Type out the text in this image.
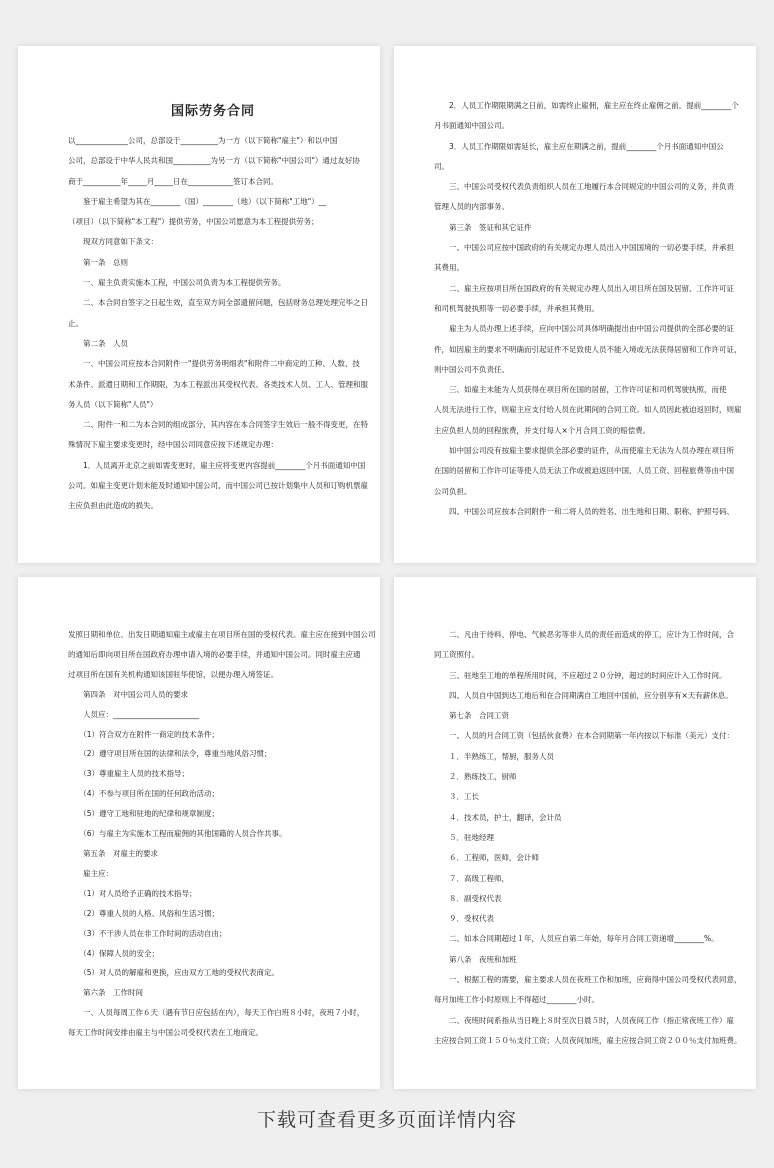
国际劳务合同

以______________公司，总部设于__________为一方（以下简称"雇主"）和以中国

公司，总部设于中华人民共和国__________为另一方（以下简称"中国公司"）通过友好协

商于__________年_____月_____日在____________签订本合同。

　　鉴于雇主希望为其在________（国）________（地）（以下简称"工地"）__

（项目）（以下简称"本工程"）提供劳务，中国公司愿意为本工程提供劳务；

　　现双方同意如下条文：

　　第一条　总则

　　一、雇主负责实施本工程，中国公司负责为本工程提供劳务。

　　二、本合同自签字之日起生效，直至双方间全部遗留问题，包括财务总理处理完毕之日

止。

　　第二条　人员

　　一、中国公司应按本合同附件一"提供劳务明细表"和附件二中商定的工种、人数、技

术条件、派遣日期和工作期限，为本工程派出其受权代表、各类技术人员、工人、管理和服

务人员（以下简称"人员"）

　　二、附件一和二为本合同的组成部分，其内容在本合同签字生效后一般不得变更，在特

殊情况下雇主要求变更时，经中国公司同意应按下述规定办理：

　　1．人员离开北京之前如需变更时，雇主应将变更内容提前________个月书面通知中国

公司。如雇主变更计划未能及时通知中国公司，而中国公司已按计划集中人员和订购机票雇

主应负担由此造成的损失。

　　2．人员工作期限期满之日前，如需终止雇佣，雇主应在终止雇佣之前，提前________个

月书面通知中国公司。

　　3．人员工作期限如需延长，雇主应在期满之前，提前________个月书面通知中国公

司。

　　三、中国公司受权代表负责组织人员在工地履行本合同规定的中国公司的义务，并负责

管理人员的内部事务。

　　第三条　签证和其它证件

　　一、中国公司应按中国政府的有关规定办理人员出入中国国境的一切必要手续，并承担

其费用。

　　二、雇主应按项目所在国政府的有关规定办理人员出入项目所在国及居留、工作许可证

和司机驾驶执照等一切必要手续，并承担其费用。

　　雇主为人员办理上述手续，应向中国公司具体明确提出由中国公司提供的全部必要的证

件，如因雇主的要求不明确而引起证件不足致使人员不能入境或无法获得居留和工作许可证，

则中国公司不负责任。

　　三、如雇主未能为人员获得在项目所在国的居留，工作许可证和司机驾驶执照，而使

人员无法进行工作，则雇主应支付给人员在此期间的合同工资。如人员因此被迫返回时，则雇

主应负担人员的回程旅费，并支付每人×个月合同工资的赔偿费。

　　如中国公司没有按雇主要求提供全部必要的证件，从而使雇主无法为人员办理在项目所

在国的居留和工作许可证等使人员无法工作或被迫返回中国，人员工资、回程旅费等由中国

公司负担。

　　四、中国公司应按本合同附件一和二将人员的姓名、出生地和日期、职称、护照号码、

发照日期和单位、出发日期通知雇主或雇主在项目所在国的受权代表。雇主应在接到中国公司

的通知后即向项目所在国政府办理申请入境的必要手续，并通知中国公司。同时雇主应通

过项目所在国有关机构通知该国驻华使馆，以便办理入境签证。

　　第四条　对中国公司人员的要求

　　人员应：_______________________

　　（1）符合双方在附件一商定的技术条件；

　　（2）遵守项目所在国的法律和法令，尊重当地风俗习惯；

　　（3）尊重雇主人员的技术指导；

　　（4）不参与项目所在国的任何政治活动；

　　（5）遵守工地和驻地的纪律和规章制度；

　　（6）与雇主为实施本工程而雇佣的其他国籍的人员合作共事。

　　第五条　对雇主的要求

　　雇主应：

　　（1）对人员给予正确的技术指导；

　　（2）尊重人员的人格、风俗和生活习惯；

　　（3）不干涉人员在非工作时间的活动自由；

　　（4）保障人员的安全；

　　（5）对人员的解雇和更换，应由双方工地的受权代表商定。

　　第六条　工作时间

　　一、人员每周工作６天（遇有节日应包括在内），每天工作白班８小时，夜班７小时，

每天工作时间安排由雇主与中国公司受权代表在工地商定。

　　二、凡由于待料、停电、气候恶劣等非人员的责任而造成的停工，应计为工作时间，合

同工资照付。

　　三、驻地至工地的单程所用时间，不应超过２０分钟，超过的时间应计入工作时间。

　　四、人员自中国到达工地后和在合同期满自工地回中国前，应分别享有×天有薪休息。

　　第七条　合同工资

　　一、人员的月合同工资（包括伙食费）在本合同期第一年内按以下标准（美元）支付：

　　１．半熟练工，帮厨，服务人员

　　２．熟练技工，厨师

　　３．工长

　　４．技术员，护士，翻译，会计员

　　５．驻地经理

　　６．工程师，医师，会计师

　　７．高级工程师，

　　８．副受权代表

　　９．受权代表

　　二、如本合同期超过１年，人员应自第二年始，每年月合同工资递增________%。

　　第八条　夜班和加班

　　一、根据工程的需要，雇主要求人员在夜班工作和加班，应商得中国公司受权代表同意，

每月加班工作小时原则上不得超过________小时。

　　二、夜班时间系指从当日晚上８时至次日晨５时，人员夜间工作（指正常夜班工作）雇

主应按合同工资１５０％支付工资；人员夜间加班，雇主应按合同工资２００％支付加班费。

下载可查看更多页面详情内容
